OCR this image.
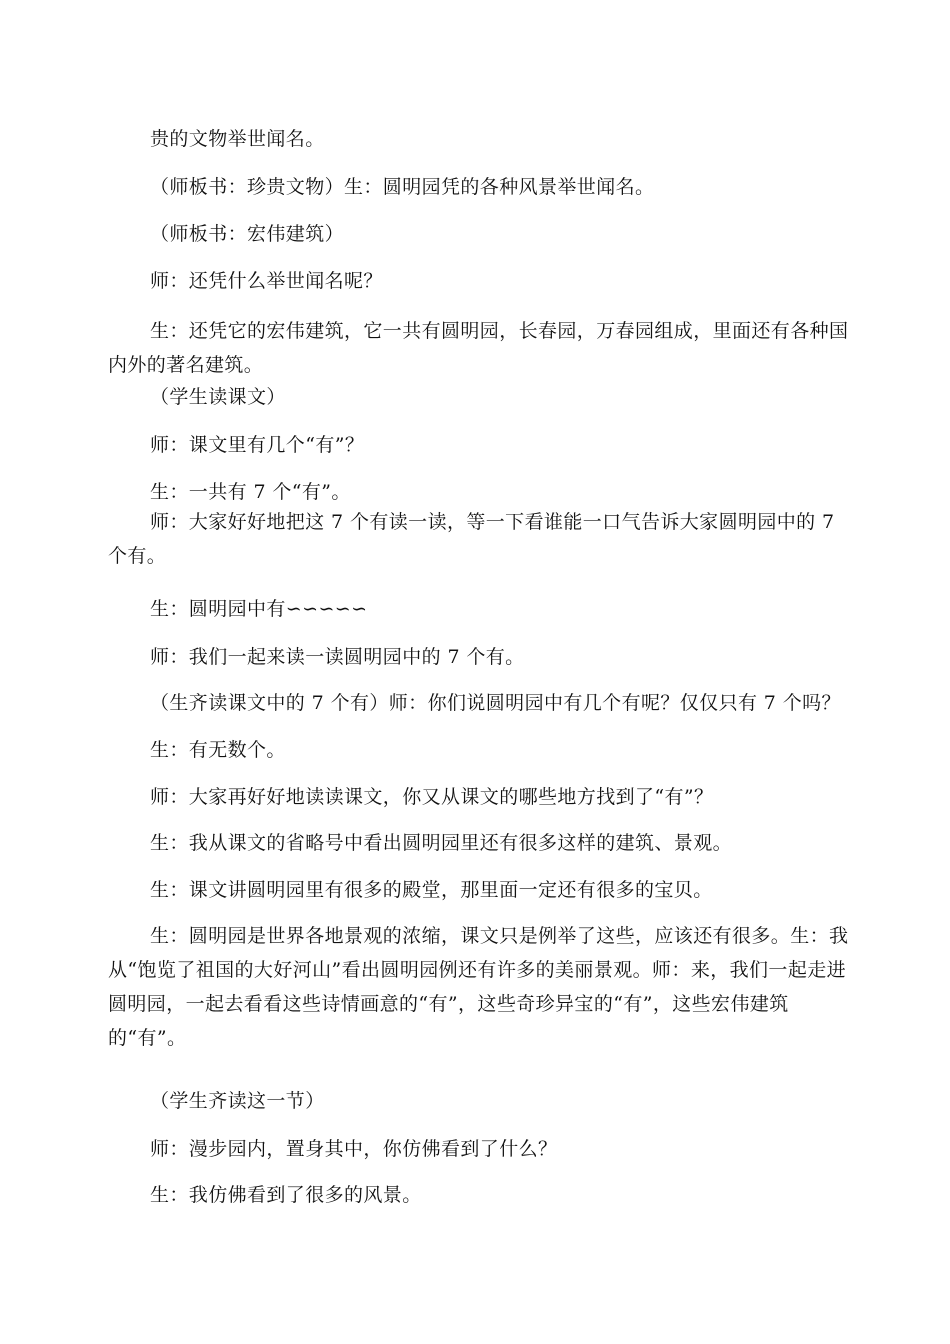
贵的文物举世闻名。

（师板书：珍贵文物）生：圆明园凭的各种风景举世闻名。

（师板书：宏伟建筑）

师：还凭什么举世闻名呢？

生：还凭它的宏伟建筑，它一共有圆明园，长春园，万春园组成，里面还有各种国内外的著名建筑。

（学生读课文）

师：课文里有几个“有”？

生：一共有 7 个“有”。

师：大家好好地把这 7 个有读一读，等一下看谁能一口气告诉大家圆明园中的 7 个有。

生：圆明园中有∽∽∽∽∽

师：我们一起来读一读圆明园中的 7 个有。

（生齐读课文中的 7 个有）师：你们说圆明园中有几个有呢？仅仅只有 7 个吗？

生：有无数个。

师：大家再好好地读读课文，你又从课文的哪些地方找到了“有”？

生：我从课文的省略号中看出圆明园里还有很多这样的建筑、景观。

生：课文讲圆明园里有很多的殿堂，那里面一定还有很多的宝贝。

生：圆明园是世界各地景观的浓缩，课文只是例举了这些，应该还有很多。生：我从“饱览了祖国的大好河山”看出圆明园例还有许多的美丽景观。师：来，我们一起走进圆明园，一起去看看这些诗情画意的“有”，这些奇珍异宝的“有”，这些宏伟建筑的“有”。

（学生齐读这一节）

师：漫步园内，置身其中，你仿佛看到了什么？

生：我仿佛看到了很多的风景。
